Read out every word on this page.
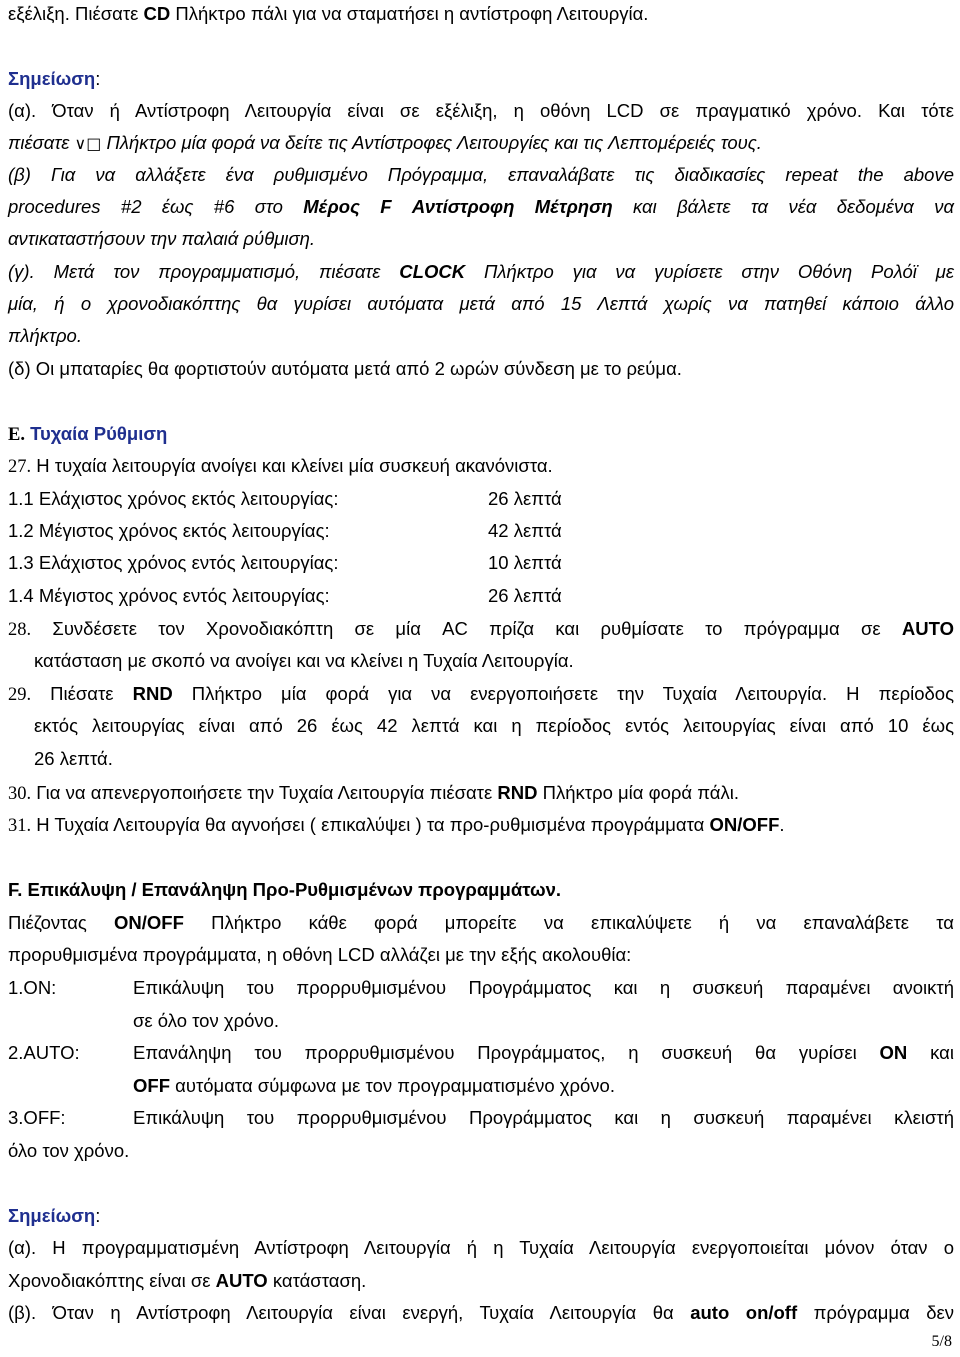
εξέλιξη. Πιέσατε CD Πλήκτρο πάλι για να σταματήσει η αντίστροφη Λειτουργία.
Σημείωση:
(α). Όταν ή Αντίστροφη Λειτουργία είναι σε εξέλιξη, η οθόνη LCD σε πραγματικό χρόνο. Και τότε
πιέσατε ∨□ Πλήκτρο μία φορά να δείτε τις Αντίστροφες Λειτουργίες και τις Λεπτομέρειές τους.
(β) Για να αλλάξετε ένα ρυθμισμένο Πρόγραμμα, επαναλάβατε τις διαδικασίες repeat the above
procedures #2 έως #6 στο Μέρος F Αντίστροφη Μέτρηση και βάλετε τα νέα δεδομένα να
αντικαταστήσουν την παλαιά ρύθμιση.
(γ). Μετά τον προγραμματισμό, πιέσατε CLOCK Πλήκτρο για να γυρίσετε στην Οθόνη Ρολόϊ με
μία, ή ο χρονοδιακόπτης θα γυρίσει αυτόματα μετά από 15 Λεπτά χωρίς να πατηθεί κάποιο άλλο
πλήκτρο.
(δ) Οι μπαταρίες θα φορτιστούν αυτόματα μετά από 2 ωρών σύνδεση με το ρεύμα.
E. Τυχαία Ρύθμιση
27. Η τυχαία λειτουργία ανοίγει και κλείνει μία συσκευή ακανόνιστα.
1.1 Ελάχιστος χρόνος εκτός λειτουργίας:	26 λεπτά
1.2 Μέγιστος χρόνος εκτός λειτουργίας:	42 λεπτά
1.3 Ελάχιστος χρόνος εντός λειτουργίας:	10 λεπτά
1.4 Μέγιστος χρόνος εντός λειτουργίας:	26 λεπτά
28. Συνδέσετε τον Χρονοδιακόπτη σε μία AC πρίζα και ρυθμίσατε το πρόγραμμα σε AUTO
κατάσταση με σκοπό να ανοίγει και να κλείνει η Τυχαία Λειτουργία.
29. Πιέσατε RND Πλήκτρο μία φορά για να ενεργοποιήσετε την Τυχαία Λειτουργία. Η περίοδος
εκτός λειτουργίας είναι από 26 έως 42 λεπτά και η περίοδος εντός λειτουργίας είναι από 10 έως
26 λεπτά.
30. Για να απενεργοποιήσετε την Τυχαία Λειτουργία πιέσατε RND Πλήκτρο μία φορά πάλι.
31. Η Τυχαία Λειτουργία θα αγνοήσει ( επικαλύψει ) τα προ-ρυθμισμένα προγράμματα ON/OFF.
F. Επικάλυψη / Επανάληψη Προ-Ρυθμισμένων προγραμμάτων.
Πιέζοντας ON/OFF Πλήκτρο κάθε φορά μπορείτε να επικαλύψετε ή να επαναλάβετε τα
προρυθμισμένα προγράμματα, η οθόνη LCD αλλάζει με την εξής ακολουθία:
1.ON:	Επικάλυψη του προρρυθμισμένου Προγράμματος και η συσκευή παραμένει ανοικτή
σε όλο τον χρόνο.
2.AUTO:	Επανάληψη του προρρυθμισμένου Προγράμματος, η συσκευή θα γυρίσει ON και
OFF αυτόματα σύμφωνα με τον προγραμματισμένο χρόνο.
3.OFF:	Επικάλυψη του προρρυθμισμένου Προγράμματος και η συσκευή παραμένει κλειστή
όλο τον χρόνο.
Σημείωση:
(α). Η προγραμματισμένη Αντίστροφη Λειτουργία ή η Τυχαία Λειτουργία ενεργοποιείται μόνον όταν ο
Χρονοδιακόπτης είναι σε AUTO κατάσταση.
(β). Όταν η Αντίστροφη Λειτουργία είναι ενεργή, Τυχαία Λειτουργία θα auto on/off πρόγραμμα δεν
5/8
